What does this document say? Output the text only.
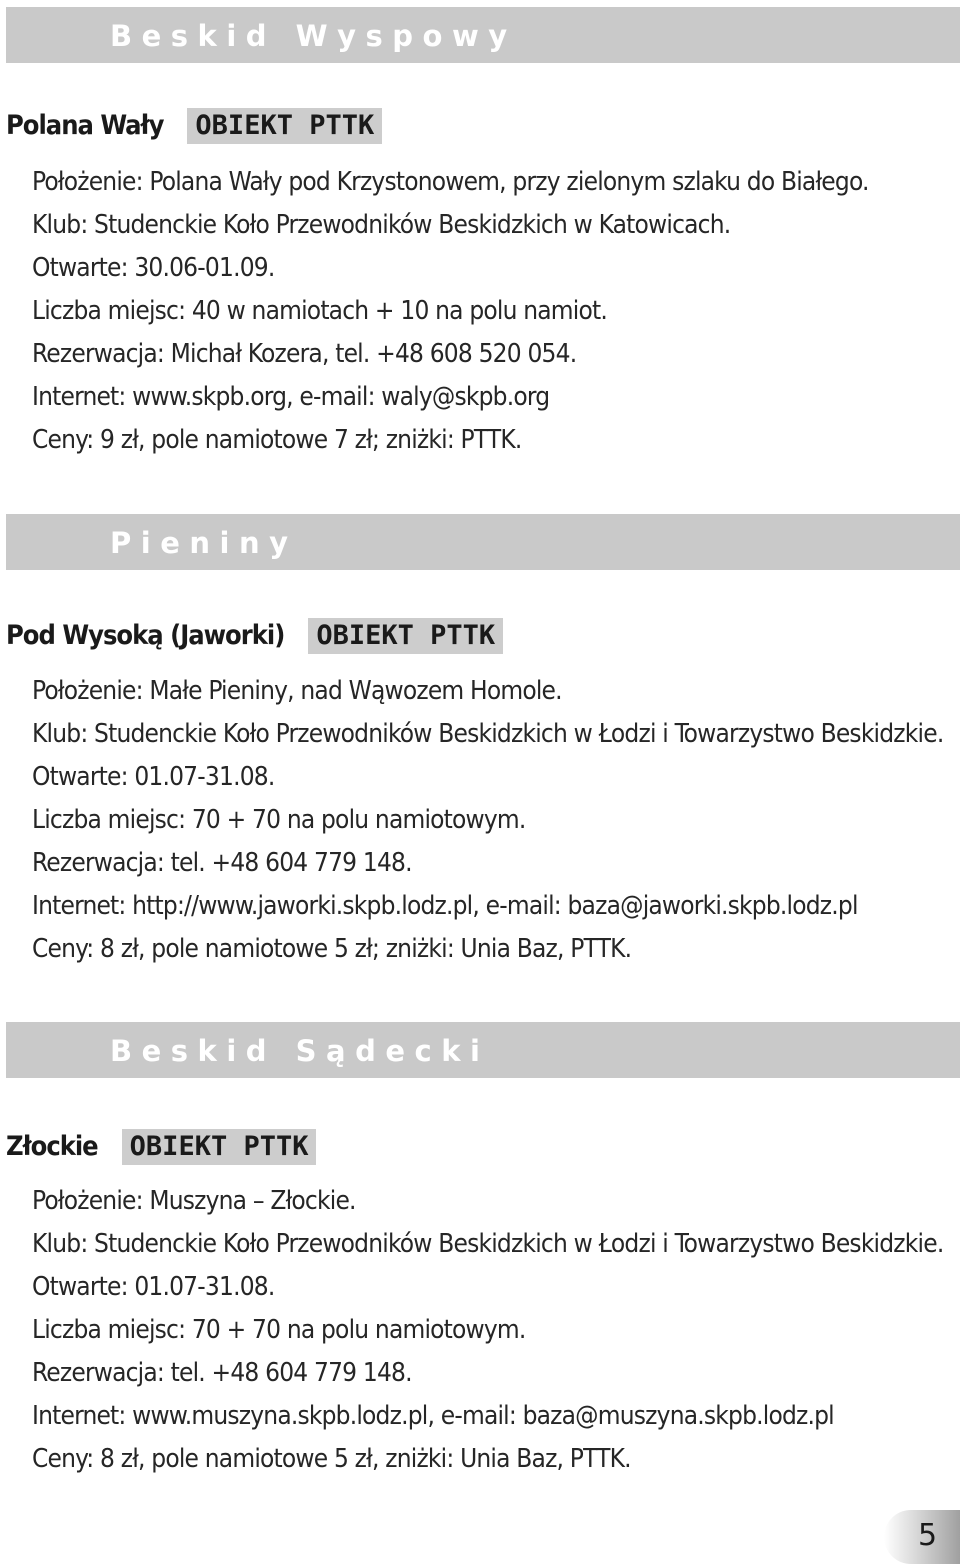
Beskid Wyspowy
Polana Wały OBIEKT PTTK
Położenie: Polana Wały pod Krzystonowem, przy zielonym szlaku do Białego.
Klub: Studenckie Koło Przewodników Beskidzkich w Katowicach.
Otwarte: 30.06-01.09.
Liczba miejsc: 40 w namiotach + 10 na polu namiot.
Rezerwacja: Michał Kozera, tel. +48 608 520 054.
Internet: www.skpb.org, e-mail: waly@skpb.org
Ceny: 9 zł, pole namiotowe 7 zł; zniżki: PTTK.
Pieniny
Pod Wysoką (Jaworki) OBIEKT PTTK
Położenie: Małe Pieniny, nad Wąwozem Homole.
Klub: Studenckie Koło Przewodników Beskidzkich w Łodzi i Towarzystwo Beskidzkie.
Otwarte: 01.07-31.08.
Liczba miejsc: 70 + 70 na polu namiotowym.
Rezerwacja: tel. +48 604 779 148.
Internet: http://www.jaworki.skpb.lodz.pl, e-mail: baza@jaworki.skpb.lodz.pl
Ceny: 8 zł, pole namiotowe 5 zł; zniżki: Unia Baz, PTTK.
Beskid Sądecki
Złockie OBIEKT PTTK
Położenie: Muszyna – Złockie.
Klub: Studenckie Koło Przewodników Beskidzkich w Łodzi i Towarzystwo Beskidzkie.
Otwarte: 01.07-31.08.
Liczba miejsc: 70 + 70 na polu namiotowym.
Rezerwacja: tel. +48 604 779 148.
Internet: www.muszyna.skpb.lodz.pl, e-mail: baza@muszyna.skpb.lodz.pl
Ceny: 8 zł, pole namiotowe 5 zł, zniżki: Unia Baz, PTTK.
5
